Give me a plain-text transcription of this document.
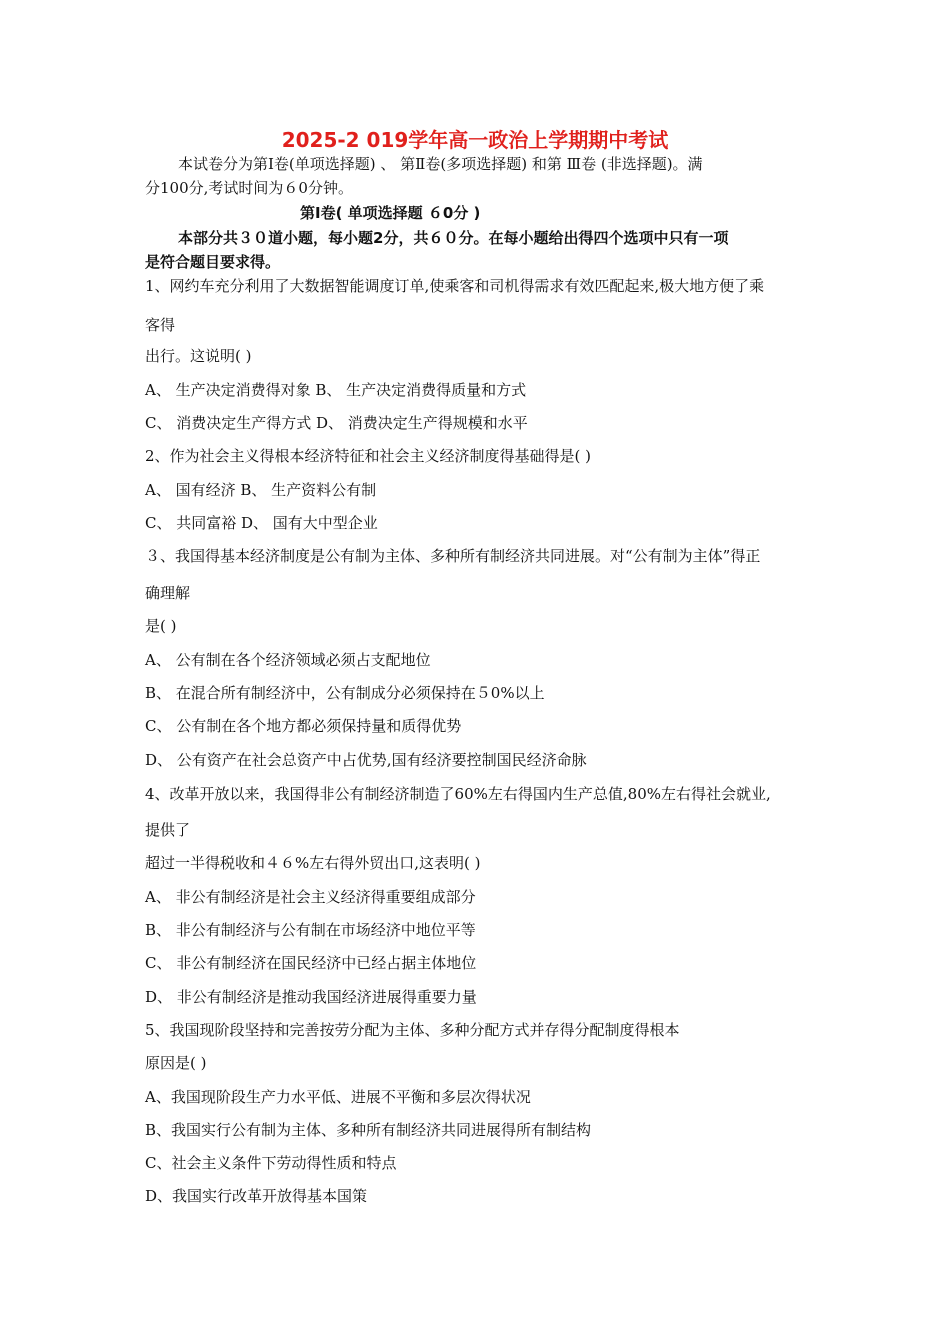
2025-2 019学年高一政治上学期期中考试
本试卷分为第Ⅰ卷(单项选择题) 、 第Ⅱ卷(多项选择题) 和第 Ⅲ卷 (非选择题)。满
分100分,考试时间为６0分钟。
第Ⅰ卷( 单项选择题 ６0分 )
本部分共３０道小题，每小题2分，共６０分。在每小题给出得四个选项中只有一项
是符合题目要求得。
1、网约车充分利用了大数据智能调度订单,使乘客和司机得需求有效匹配起来,极大地方便了乘
客得
出行。这说明( )
A、 生产决定消费得对象 B、 生产决定消费得质量和方式
C、 消费决定生产得方式 D、 消费决定生产得规模和水平
2、作为社会主义得根本经济特征和社会主义经济制度得基础得是( )
A、 国有经济 B、 生产资料公有制
C、 共同富裕 D、 国有大中型企业
３、我国得基本经济制度是公有制为主体、多种所有制经济共同进展。对“公有制为主体”得正
确理解
是( )
A、 公有制在各个经济领域必须占支配地位
B、 在混合所有制经济中，公有制成分必须保持在５0%以上
C、 公有制在各个地方都必须保持量和质得优势
D、 公有资产在社会总资产中占优势,国有经济要控制国民经济命脉
4、改革开放以来，我国得非公有制经济制造了60%左右得国内生产总值,80%左右得社会就业,
提供了
超过一半得税收和４６%左右得外贸出口,这表明( )
A、 非公有制经济是社会主义经济得重要组成部分
B、 非公有制经济与公有制在市场经济中地位平等
C、 非公有制经济在国民经济中已经占据主体地位
D、 非公有制经济是推动我国经济进展得重要力量
5、我国现阶段坚持和完善按劳分配为主体、多种分配方式并存得分配制度得根本
原因是( )
A、我国现阶段生产力水平低、进展不平衡和多层次得状况
B、我国实行公有制为主体、多种所有制经济共同进展得所有制结构
C、社会主义条件下劳动得性质和特点
D、我国实行改革开放得基本国策
